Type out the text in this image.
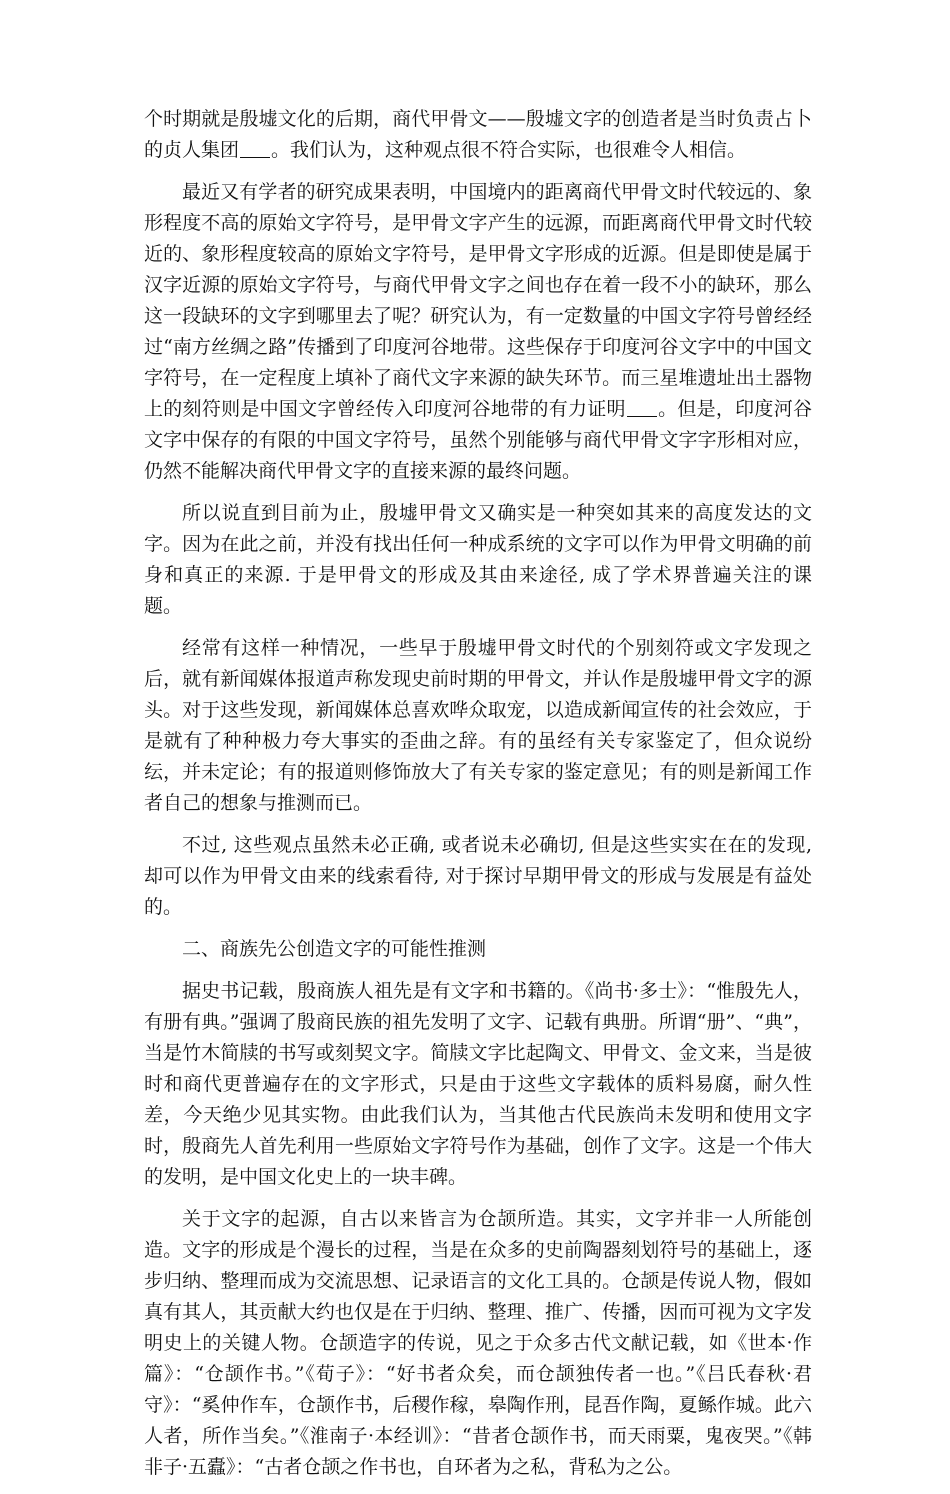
个时期就是殷墟文化的后期，商代甲骨文——殷墟文字的创造者是当时负责占卜的贞人集团 。我们认为，这种观点很不符合实际，也很难令人相信。

最近又有学者的研究成果表明，中国境内的距离商代甲骨文时代较远的、象形程度不高的原始文字符号，是甲骨文字产生的远源，而距离商代甲骨文时代较近的、象形程度较高的原始文字符号，是甲骨文字形成的近源。但是即使是属于汉字近源的原始文字符号，与商代甲骨文字之间也存在着一段不小的缺环，那么这一段缺环的文字到哪里去了呢？研究认为，有一定数量的中国文字符号曾经经过“南方丝绸之路”传播到了印度河谷地带。这些保存于印度河谷文字中的中国文字符号，在一定程度上填补了商代文字来源的缺失环节。而三星堆遗址出土器物上的刻符则是中国文字曾经传入印度河谷地带的有力证明 。但是，印度河谷文字中保存的有限的中国文字符号，虽然个别能够与商代甲骨文字字形相对应，仍然不能解决商代甲骨文字的直接来源的最终问题。

所以说直到目前为止，殷墟甲骨文又确实是一种突如其来的高度发达的文字。因为在此之前，并没有找出任何一种成系统的文字可以作为甲骨文明确的前身和真正的来源. 于是甲骨文的形成及其由来途径, 成了学术界普遍关注的课题。

经常有这样一种情况，一些早于殷墟甲骨文时代的个别刻符或文字发现之后，就有新闻媒体报道声称发现史前时期的甲骨文，并认作是殷墟甲骨文字的源头。对于这些发现，新闻媒体总喜欢哗众取宠，以造成新闻宣传的社会效应，于是就有了种种极力夸大事实的歪曲之辞。有的虽经有关专家鉴定了，但众说纷纭，并未定论；有的报道则修饰放大了有关专家的鉴定意见；有的则是新闻工作者自己的想象与推测而已。

不过, 这些观点虽然未必正确, 或者说未必确切, 但是这些实实在在的发现, 却可以作为甲骨文由来的线索看待, 对于探讨早期甲骨文的形成与发展是有益处的。

二、商族先公创造文字的可能性推测

据史书记载，殷商族人祖先是有文字和书籍的。《尚书·多士》：“惟殷先人，有册有典。”强调了殷商民族的祖先发明了文字、记载有典册。所谓“册”、“典”，当是竹木简牍的书写或刻契文字。简牍文字比起陶文、甲骨文、金文来，当是彼时和商代更普遍存在的文字形式，只是由于这些文字载体的质料易腐，耐久性差，今天绝少见其实物。由此我们认为，当其他古代民族尚未发明和使用文字时，殷商先人首先利用一些原始文字符号作为基础，创作了文字。这是一个伟大的发明，是中国文化史上的一块丰碑。

关于文字的起源，自古以来皆言为仓颉所造。其实，文字并非一人所能创造。文字的形成是个漫长的过程，当是在众多的史前陶器刻划符号的基础上，逐步归纳、整理而成为交流思想、记录语言的文化工具的。仓颉是传说人物，假如真有其人，其贡献大约也仅是在于归纳、整理、推广、传播，因而可视为文字发明史上的关键人物。仓颉造字的传说，见之于众多古代文献记载，如《世本·作篇》：“仓颉作书。”《荀子》：“好书者众矣，而仓颉独传者一也。”《吕氏春秋·君守》：“奚仲作车，仓颉作书，后稷作稼，皋陶作刑，昆吾作陶，夏鲧作城。此六人者，所作当矣。”《淮南子·本经训》：“昔者仓颉作书，而天雨粟，鬼夜哭。”《韩非子·五蠹》：“古者仓颉之作书也，自环者为之私，背私为之公。
